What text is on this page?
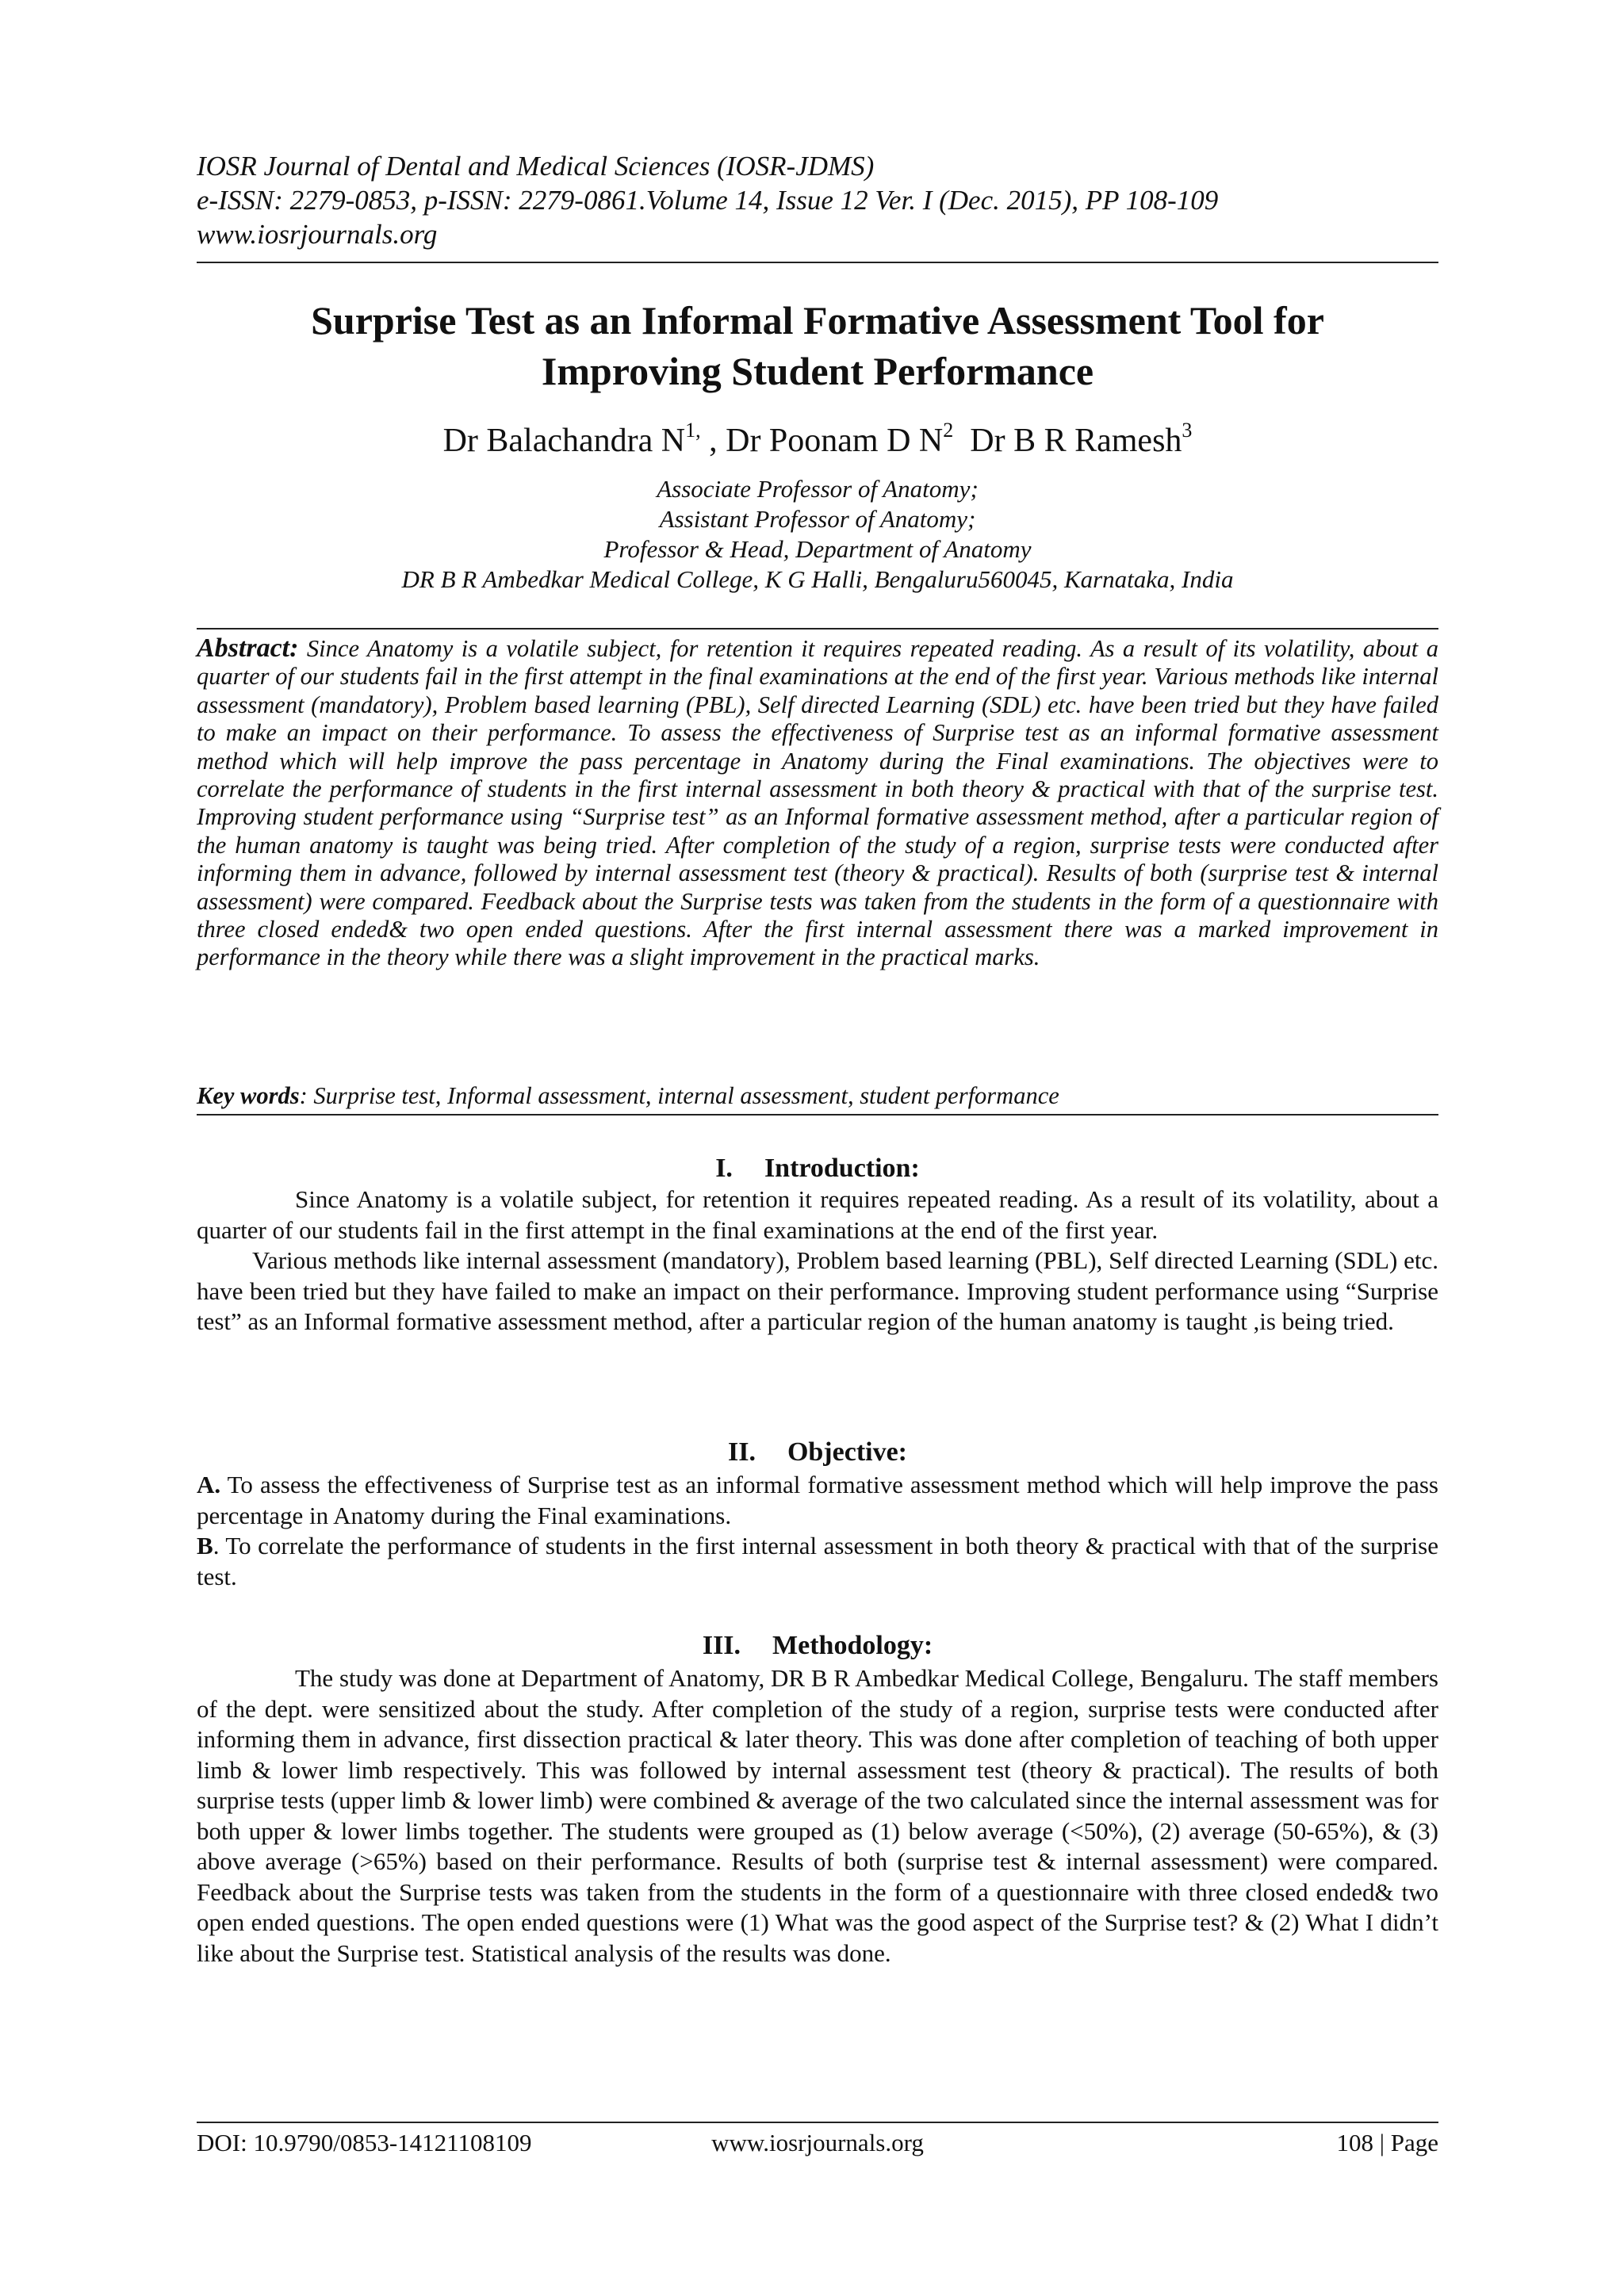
IOSR Journal of Dental and Medical Sciences (IOSR-JDMS)
e-ISSN: 2279-0853, p-ISSN: 2279-0861.Volume 14, Issue 12 Ver. I (Dec. 2015), PP 108-109
www.iosrjournals.org
Surprise Test as an Informal Formative Assessment Tool for
Improving Student Performance
Dr Balachandra $N^{1,}$ , Dr Poonam D $N^2$ Dr B R Ramesh$^3$
Associate Professor of Anatomy;
Assistant Professor of Anatomy;
Professor & Head, Department of Anatomy
DR B R Ambedkar Medical College, K G Halli, Bengaluru560045, Karnataka, India
Abstract: Since Anatomy is a volatile subject, for retention it requires repeated reading. As a result of its volatility, about a quarter of our students fail in the first attempt in the final examinations at the end of the first year. Various methods like internal assessment (mandatory), Problem based learning (PBL), Self directed Learning (SDL) etc. have been tried but they have failed to make an impact on their performance. To assess the effectiveness of Surprise test as an informal formative assessment method which will help improve the pass percentage in Anatomy during the Final examinations. The objectives were to correlate the performance of students in the first internal assessment in both theory & practical with that of the surprise test. Improving student performance using “Surprise test” as an Informal formative assessment method, after a particular region of the human anatomy is taught was being tried. After completion of the study of a region, surprise tests were conducted after informing them in advance, followed by internal assessment test (theory & practical). Results of both (surprise test & internal assessment) were compared. Feedback about the Surprise tests was taken from the students in the form of a questionnaire with three closed ended& two open ended questions. After the first internal assessment there was a marked improvement in performance in the theory while there was a slight improvement in the practical marks.
Key words: Surprise test, Informal assessment, internal assessment, student performance
I. Introduction:

Since Anatomy is a volatile subject, for retention it requires repeated reading. As a result of its volatility, about a quarter of our students fail in the first attempt in the final examinations at the end of the first year.

Various methods like internal assessment (mandatory), Problem based learning (PBL), Self directed Learning (SDL) etc. have been tried but they have failed to make an impact on their performance. Improving student performance using “Surprise test” as an Informal formative assessment method, after a particular region of the human anatomy is taught ,is being tried.

II. Objective:

A. To assess the effectiveness of Surprise test as an informal formative assessment method which will help improve the pass percentage in Anatomy during the Final examinations.

B. To correlate the performance of students in the first internal assessment in both theory & practical with that of the surprise test.

III. Methodology:

The study was done at Department of Anatomy, DR B R Ambedkar Medical College, Bengaluru. The staff members of the dept. were sensitized about the study. After completion of the study of a region, surprise tests were conducted after informing them in advance, first dissection practical & later theory. This was done after completion of teaching of both upper limb & lower limb respectively. This was followed by internal assessment test (theory & practical). The results of both surprise tests (upper limb & lower limb) were combined & average of the two calculated since the internal assessment was for both upper & lower limbs together. The students were grouped as (1) below average (<50%), (2) average (50-65%), & (3) above average (>65%) based on their performance. Results of both (surprise test & internal assessment) were compared. Feedback about the Surprise tests was taken from the students in the form of a questionnaire with three closed ended& two open ended questions. The open ended questions were (1) What was the good aspect of the Surprise test? & (2) What I didn’t like about the Surprise test. Statistical analysis of the results was done.

DOI: 10.9790/0853-14121108109	www.iosrjournals.org	108 | Page
